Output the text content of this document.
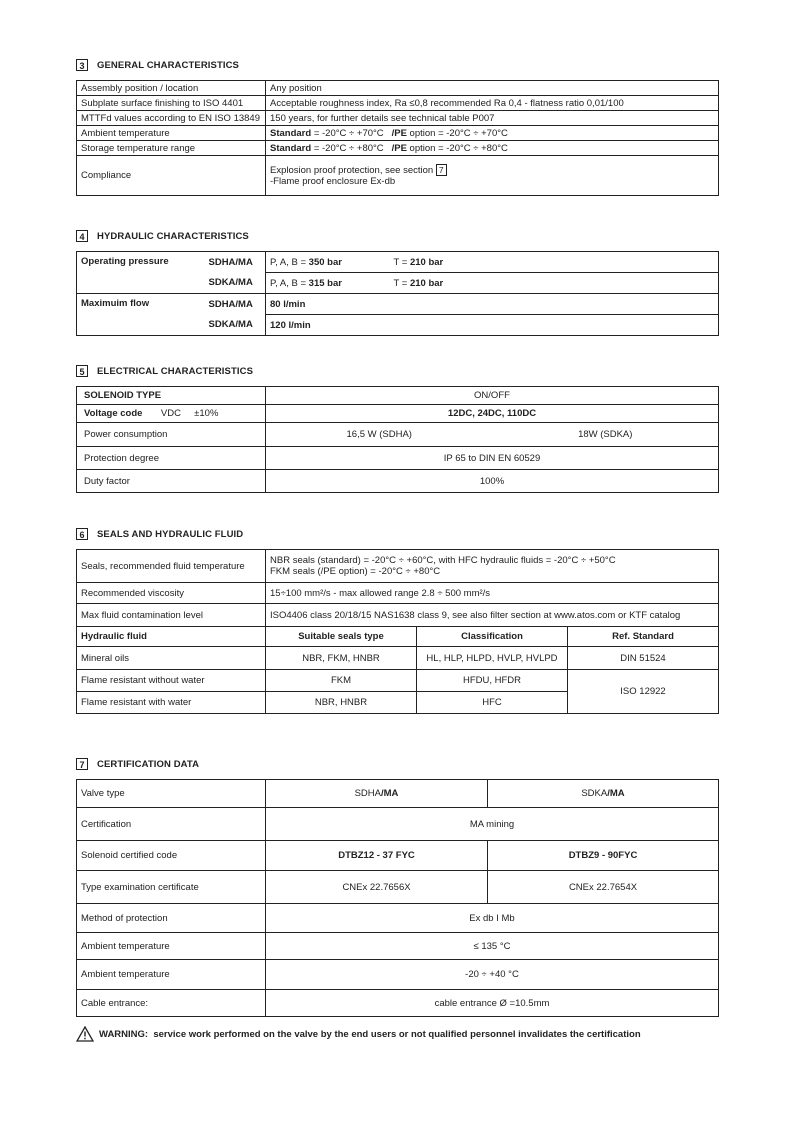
3	GENERAL CHARACTERISTICS
Assembly position / location	Any position
Subplate surface finishing to ISO 4401	Acceptable roughness index, Ra ≤0,8 recommended Ra 0,4 - flatness ratio 0,01/100
MTTFd values according to EN ISO 13849	150 years, for further details see technical table P007
Ambient temperature	Standard = -20°C ÷ +70°C /PE option = -20°C ÷ +70°C
Storage temperature range	Standard = -20°C ÷ +80°C /PE option = -20°C ÷ +80°C
Compliance	Explosion proof protection, see section 7
-Flame proof enclosure Ex-db
4	HYDRAULIC CHARACTERISTICS
Operating pressure	SDHA/MA	P, A, B = 350 bar	T = 210 bar
	SDKA/MA	P, A, B = 315 bar	T = 210 bar
Maximuim flow	SDHA/MA	80 l/min	
	SDKA/MA	120 l/min	
5	ELECTRICAL CHARACTERISTICS
SOLENOID TYPE	ON/OFF	
Voltage code VDC ±10%	12DC, 24DC, 110DC	
Power consumption	16,5 W (SDHA)	18W (SDKA)
Protection degree	IP 65 to DIN EN 60529	
Duty factor	100%	
6	SEALS AND HYDRAULIC FLUID
Seals, recommended fluid temperature	NBR seals (standard) = -20°C ÷ +60°C, with HFC hydraulic fluids = -20°C ÷ +50°C
FKM seals (/PE option) = -20°C ÷ +80°C		
Recommended viscosity	15÷100 mm²/s - max allowed range 2.8 ÷ 500 mm²/s		
Max fluid contamination level	ISO4406 class 20/18/15 NAS1638 class 9, see also filter section at www.atos.com or KTF catalog		
Hydraulic fluid	Suitable seals type	Classification	Ref. Standard
Mineral oils	NBR, FKM, HNBR	HL, HLP, HLPD, HVLP, HVLPD	DIN 51524
Flame resistant without water	FKM	HFDU, HFDR	ISO 12922
Flame resistant with water	NBR, HNBR	HFC	
7	CERTIFICATION DATA
Valve type	SDHA/MA	SDKA/MA
Certification	MA mining	
Solenoid certified code	DTBZ12 - 37 FYC	DTBZ9 - 90FYC
Type examination certificate	CNEx 22.7656X	CNEx 22.7654X
Method of protection	Ex db I Mb	
Ambient temperature	≤ 135 °C	
Ambient temperature	-20 ÷ +40 °C	
Cable entrance:	cable entrance Ø =10.5mm	
WARNING:
service work performed on the valve by the end users or not qualified personnel invalidates the certification
